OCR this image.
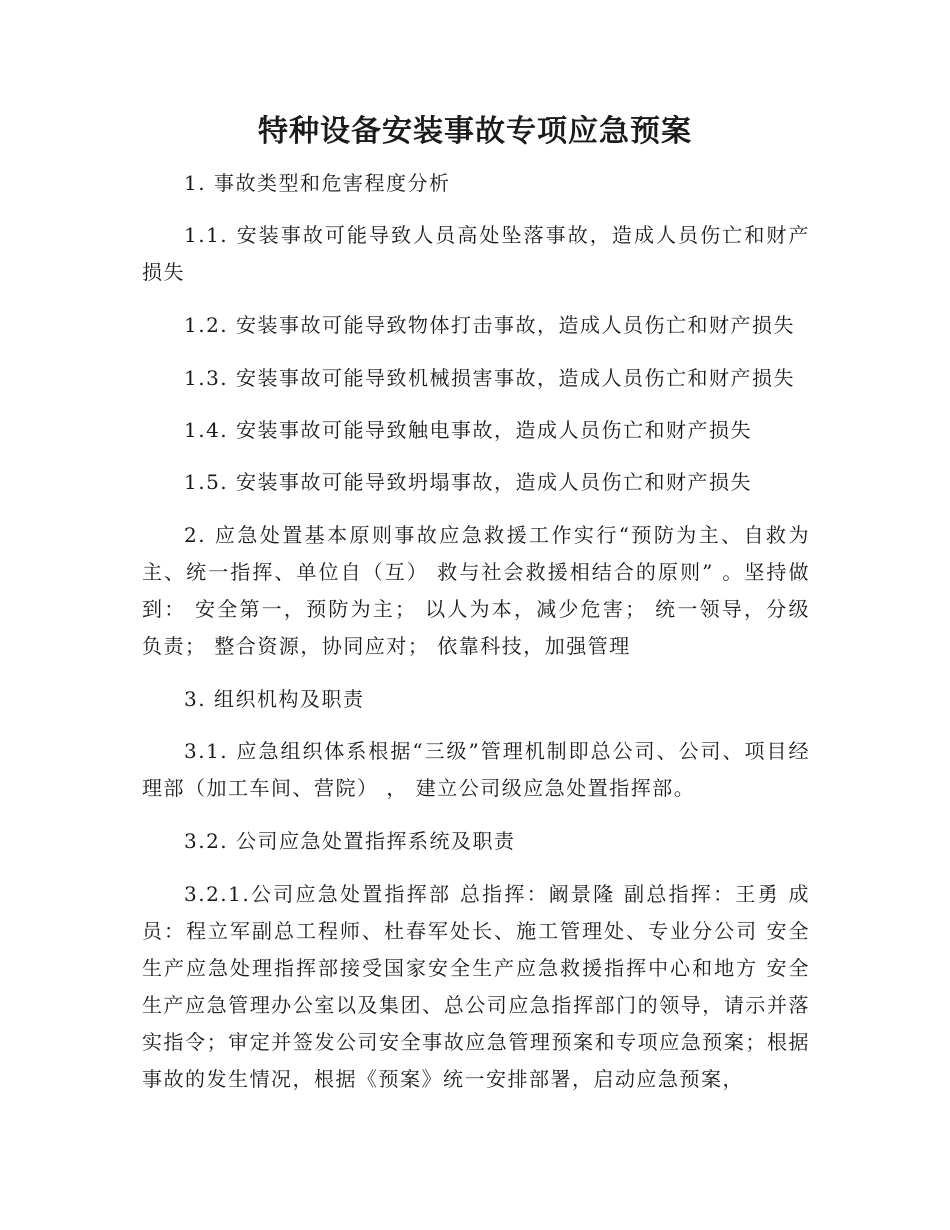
特种设备安装事故专项应急预案

1. 事故类型和危害程度分析

1.1. 安装事故可能导致人员高处坠落事故，造成人员伤亡和财产损失

1.2. 安装事故可能导致物体打击事故，造成人员伤亡和财产损失

1.3. 安装事故可能导致机械损害事故，造成人员伤亡和财产损失

1.4. 安装事故可能导致触电事故，造成人员伤亡和财产损失

1.5. 安装事故可能导致坍塌事故，造成人员伤亡和财产损失

2. 应急处置基本原则事故应急救援工作实行“预防为主、自救为主、统一指挥、单位自（互） 救与社会救援相结合的原则” 。坚持做到： 安全第一，预防为主； 以人为本，减少危害； 统一领导，分级负责； 整合资源，协同应对； 依靠科技，加强管理

3. 组织机构及职责

3.1. 应急组织体系根据“三级”管理机制即总公司、公司、项目经理部（加工车间、营院） ， 建立公司级应急处置指挥部。

3.2. 公司应急处置指挥系统及职责

3.2.1.公司应急处置指挥部 总指挥：阚景隆 副总指挥：王勇 成员：程立军副总工程师、杜春军处长、施工管理处、专业分公司 安全生产应急处理指挥部接受国家安全生产应急救援指挥中心和地方 安全生产应急管理办公室以及集团、总公司应急指挥部门的领导，请示并落实指令；审定并签发公司安全事故应急管理预案和专项应急预案；根据 事故的发生情况，根据《预案》统一安排部署，启动应急预案，
